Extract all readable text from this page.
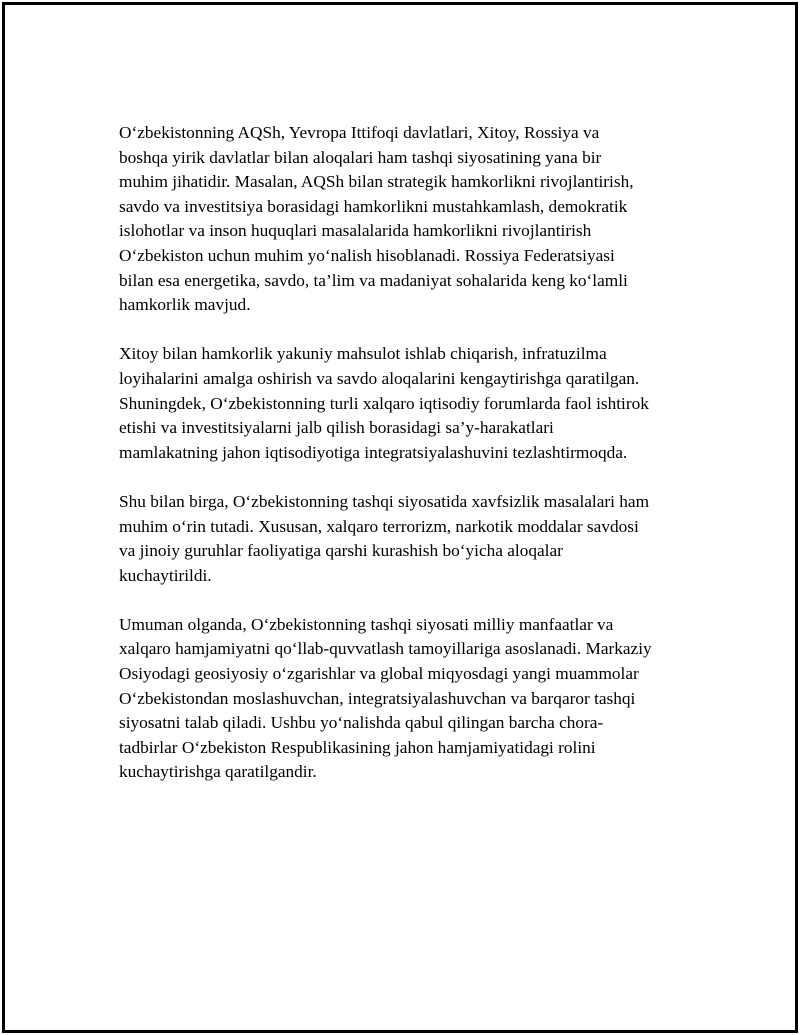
O‘zbekistonning AQSh, Yevropa Ittifoqi davlatlari, Xitoy, Rossiya va
boshqa yirik davlatlar bilan aloqalari ham tashqi siyosatining yana bir
muhim jihatidir. Masalan, AQSh bilan strategik hamkorlikni rivojlantirish,
savdo va investitsiya borasidagi hamkorlikni mustahkamlash, demokratik
islohotlar va inson huquqlari masalalarida hamkorlikni rivojlantirish
O‘zbekiston uchun muhim yo‘nalish hisoblanadi. Rossiya Federatsiyasi
bilan esa energetika, savdo, ta’lim va madaniyat sohalarida keng ko‘lamli
hamkorlik mavjud.

Xitoy bilan hamkorlik yakuniy mahsulot ishlab chiqarish, infratuzilma
loyihalarini amalga oshirish va savdo aloqalarini kengaytirishga qaratilgan.
Shuningdek, O‘zbekistonning turli xalqaro iqtisodiy forumlarda faol ishtirok
etishi va investitsiyalarni jalb qilish borasidagi sa’y-harakatlari
mamlakatning jahon iqtisodiyotiga integratsiyalashuvini tezlashtirmoqda.

Shu bilan birga, O‘zbekistonning tashqi siyosatida xavfsizlik masalalari ham
muhim o‘rin tutadi. Xususan, xalqaro terrorizm, narkotik moddalar savdosi
va jinoiy guruhlar faoliyatiga qarshi kurashish bo‘yicha aloqalar
kuchaytirildi.

Umuman olganda, O‘zbekistonning tashqi siyosati milliy manfaatlar va
xalqaro hamjamiyatni qo‘llab-quvvatlash tamoyillariga asoslanadi. Markaziy
Osiyodagi geosiyosiy o‘zgarishlar va global miqyosdagi yangi muammolar
O‘zbekistondan moslashuvchan, integratsiyalashuvchan va barqaror tashqi
siyosatni talab qiladi. Ushbu yo‘nalishda qabul qilingan barcha chora-
tadbirlar O‘zbekiston Respublikasining jahon hamjamiyatidagi rolini
kuchaytirishga qaratilgandir.
